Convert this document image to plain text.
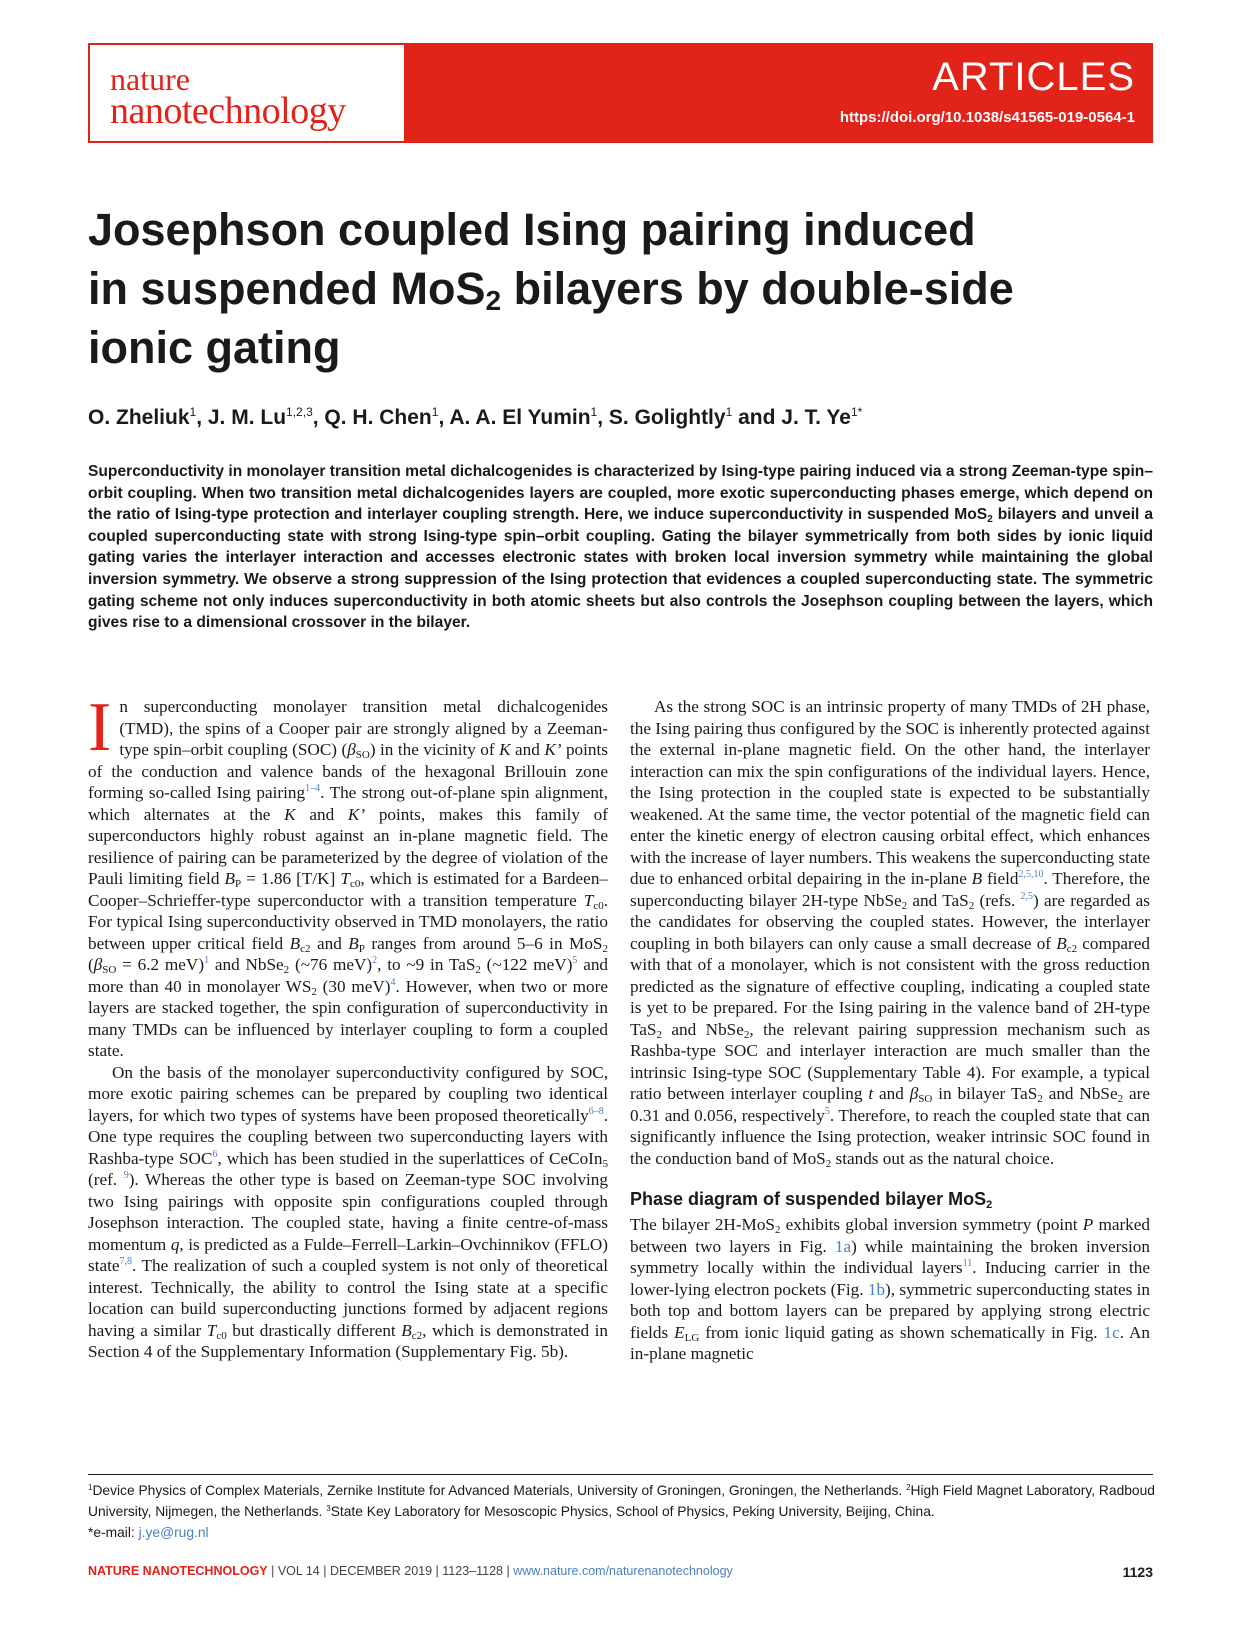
nature
nanotechnology
ARTICLES
https://doi.org/10.1038/s41565-019-0564-1
Josephson coupled Ising pairing induced
in suspended MoS$_2$ bilayers by double-side
ionic gating
O. Zheliuk$^1$, J. M. Lu$^{1,2,3}$, Q. H. Chen$^1$, A. A. El Yumin$^1$, S. Golightly$^1$ and J. T. $Ye^{1*}$

Superconductivity in monolayer transition metal dichalcogenides is characterized by Ising-type pairing induced via a strong Zeeman-type spin–orbit coupling. When two transition metal dichalcogenides layers are coupled, more exotic superconducting phases emerge, which depend on the ratio of Ising-type protection and interlayer coupling strength. Here, we induce superconductivity in suspended MoS$_2$ bilayers and unveil a coupled superconducting state with strong Ising-type spin–orbit coupling. Gating the bilayer symmetrically from both sides by ionic liquid gating varies the interlayer interaction and accesses electronic states with broken local inversion symmetry while maintaining the global inversion symmetry. We observe a strong suppression of the Ising protection that evidences a coupled superconducting state. The symmetric gating scheme not only induces superconductivity in both atomic sheets but also controls the Josephson coupling between the layers, which gives rise to a dimensional crossover in the bilayer.

In superconducting monolayer transition metal dichalcogenides (TMD), the spins of a Cooper pair are strongly aligned by a Zeeman-type spin–orbit coupling (SOC) $(\beta_{SO})$ in the vicinity of K and K’ points of the conduction and valence bands of the hexagonal Brillouin zone forming so-called Ising pairing$^{1-4}$. The strong out-of-plane spin alignment, which alternates at the K and K’ points, makes this family of superconductors highly robust against an in-plane magnetic field. The resilience of pairing can be parameterized by the degree of violation of the Pauli limiting field $B_P = 1.86$ [T/K] $T_{c0}$, which is estimated for a Bardeen–Cooper–Schrieffer-type superconductor with a transition temperature $T_{c0}$. For typical Ising superconductivity observed in TMD monolayers, the ratio between upper critical field $B_{c2}$ and $B_P$ ranges from around 5–6 in MoS$_2$ ($\beta_{SO} = 6.2$ meV)$^1$ and NbSe$_2$ (~76 meV)$^2$, to ~9 in TaS$_2$ (~122 meV)$^5$ and more than 40 in monolayer $WS_2$ (30 meV)$^4$. However, when two or more layers are stacked together, the spin configuration of superconductivity in many TMDs can be influenced by interlayer coupling to form a coupled state.

On the basis of the monolayer superconductivity configured by SOC, more exotic pairing schemes can be prepared by coupling two identical layers, for which two types of systems have been proposed theoretically$^{6-8}$. One type requires the coupling between two superconducting layers with Rashba-type SOC$^6$, which has been studied in the superlattices of CeCoIn$_5$ (ref. $^9$). Whereas the other type is based on Zeeman-type SOC involving two Ising pairings with opposite spin configurations coupled through Josephson interaction. The coupled state, having a finite centre-of-mass momentum q, is predicted as a Fulde–Ferrell–Larkin–Ovchinnikov (FFLO) state$^{7,8}$. The realization of such a coupled system is not only of theoretical interest. Technically, the ability to control the Ising state at a specific location can build superconducting junctions formed by adjacent regions having a similar $T_{c0}$ but drastically different $B_{c2}$, which is demonstrated in Section 4 of the Supplementary Information (Supplementary Fig. 5b).

As the strong SOC is an intrinsic property of many TMDs of 2H phase, the Ising pairing thus configured by the SOC is inherently protected against the external in-plane magnetic field. On the other hand, the interlayer interaction can mix the spin configurations of the individual layers. Hence, the Ising protection in the coupled state is expected to be substantially weakened. At the same time, the vector potential of the magnetic field can enter the kinetic energy of electron causing orbital effect, which enhances with the increase of layer numbers. This weakens the superconducting state due to enhanced orbital depairing in the in-plane B field$^{2,5,10}$. Therefore, the superconducting bilayer 2H-type NbSe$_2$ and TaS$_2$ (refs. $^{2,5}$) are regarded as the candidates for observing the coupled states. However, the interlayer coupling in both bilayers can only cause a small decrease of $B_{c2}$ compared with that of a monolayer, which is not consistent with the gross reduction predicted as the signature of effective coupling, indicating a coupled state is yet to be prepared. For the Ising pairing in the valence band of 2H-type TaS$_2$ and NbSe$_2$, the relevant pairing suppression mechanism such as Rashba-type SOC and interlayer interaction are much smaller than the intrinsic Ising-type SOC (Supplementary Table 4). For example, a typical ratio between interlayer coupling t and $\beta_{SO}$ in bilayer TaS$_2$ and NbSe$_2$ are 0.31 and 0.056, respectively$^5$. Therefore, to reach the coupled state that can significantly influence the Ising protection, weaker intrinsic SOC found in the conduction band of MoS$_2$ stands out as the natural choice.

Phase diagram of suspended bilayer MoS$_2$

The bilayer 2H-MoS$_2$ exhibits global inversion symmetry (point P marked between two layers in Fig. 1a) while maintaining the broken inversion symmetry locally within the individual layers$^{11}$. Inducing carrier in the lower-lying electron pockets (Fig. 1b), symmetric superconducting states in both top and bottom layers can be prepared by applying strong electric fields $E_{LG}$ from ionic liquid gating as shown schematically in Fig. 1c. An in-plane magnetic

$^1$Device Physics of Complex Materials, Zernike Institute for Advanced Materials, University of Groningen, Groningen, the Netherlands. $^2$High Field Magnet Laboratory, Radboud University, Nijmegen, the Netherlands. $^3$State Key Laboratory for Mesoscopic Physics, School of Physics, Peking University, Beijing, China.
*e-mail: j.ye@rug.nl

NATURE NANOTECHNOLOGY | VOL 14 | DECEMBER 2019 | 1123–1128 | www.nature.com/naturenanotechnology	1123
